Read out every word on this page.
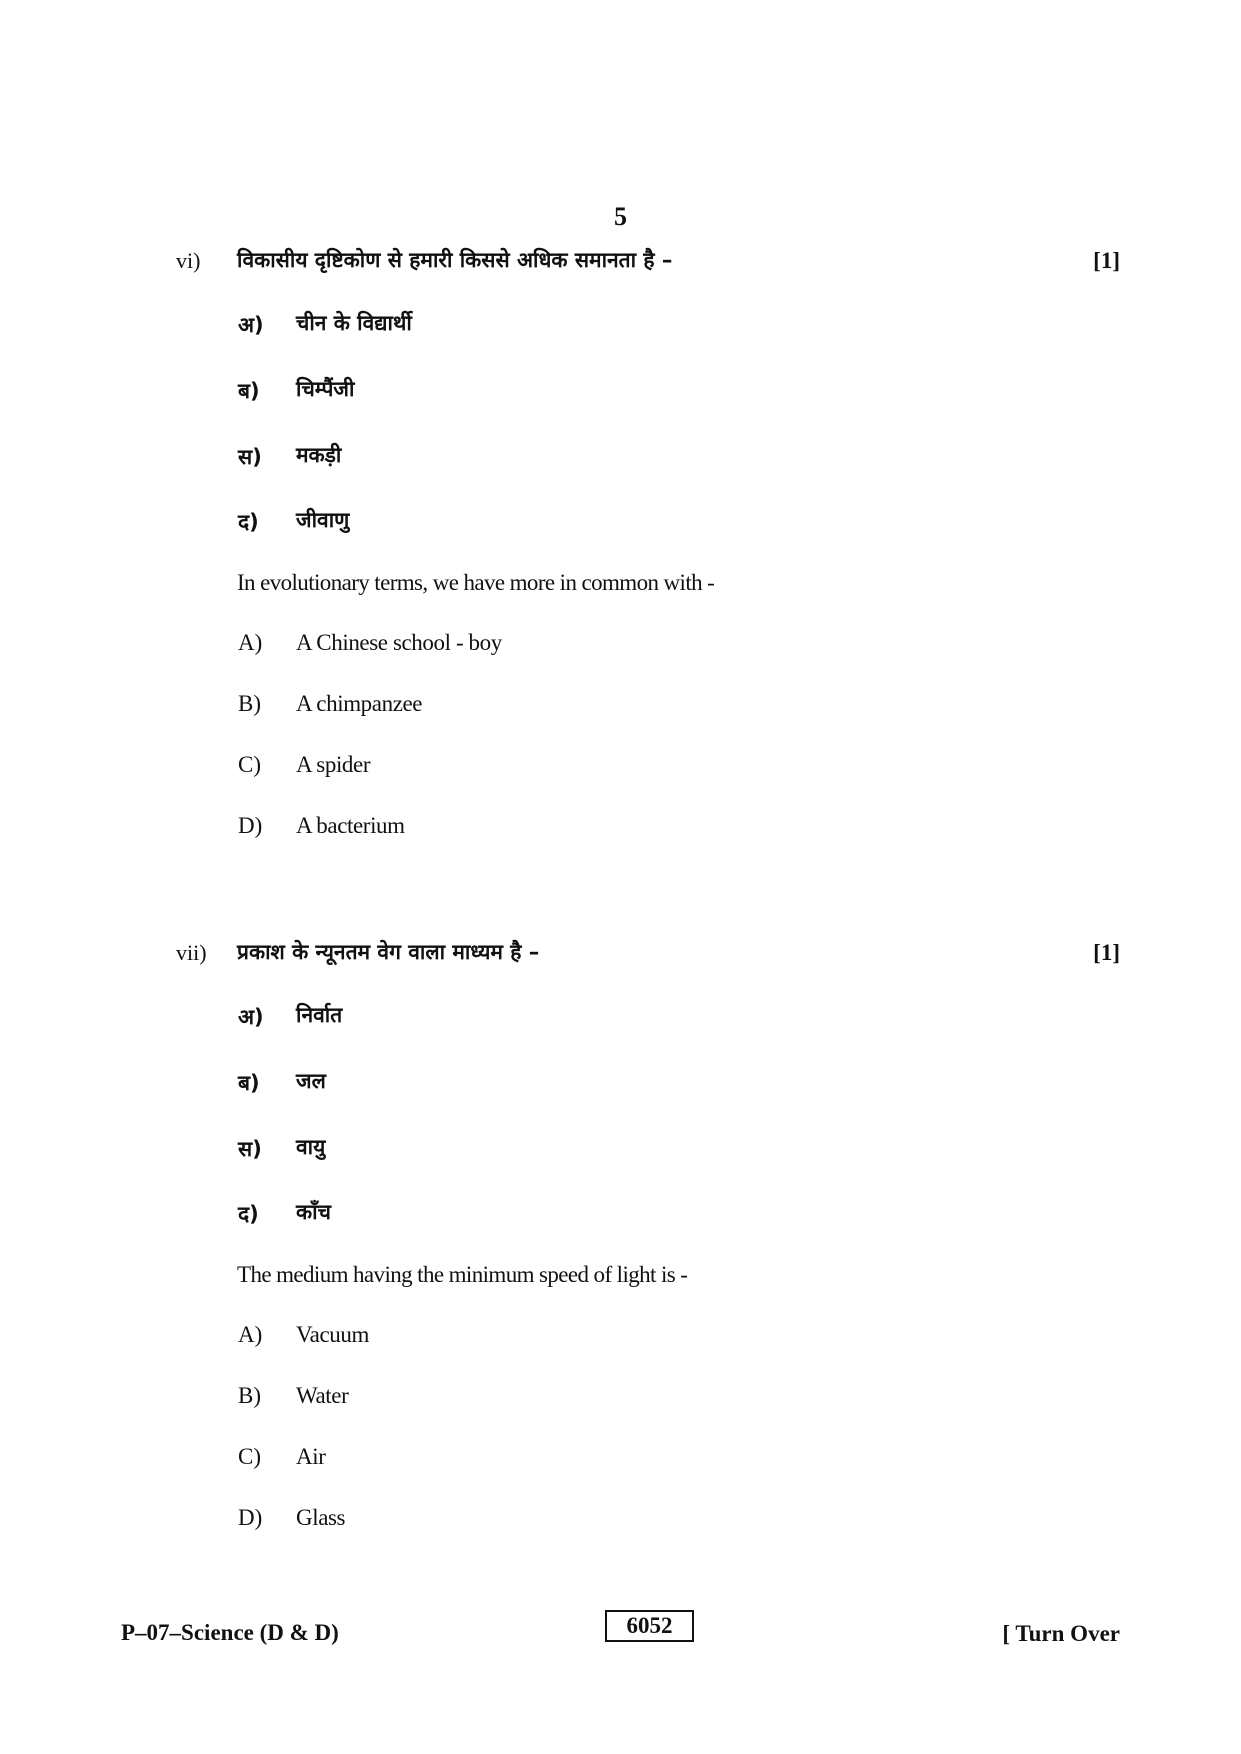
5
vi) विकासीय दृष्टिकोण से हमारी किससे अधिक समानता है –	[1]
अ) चीन के विद्यार्थी
ब) चिम्पैंजी
स) मकड़ी
द) जीवाणु
In evolutionary terms, we have more in common with -
A) A Chinese school - boy
B) A chimpanzee
C) A spider
D) A bacterium
vii) प्रकाश के न्यूनतम वेग वाला माध्यम है –	[1]
अ) निर्वात
ब) जल
स) वायु
द) काँच
The medium having the minimum speed of light is -
A) Vacuum
B) Water
C) Air
D) Glass
P–07–Science (D & D)	6052	[ Turn Over
